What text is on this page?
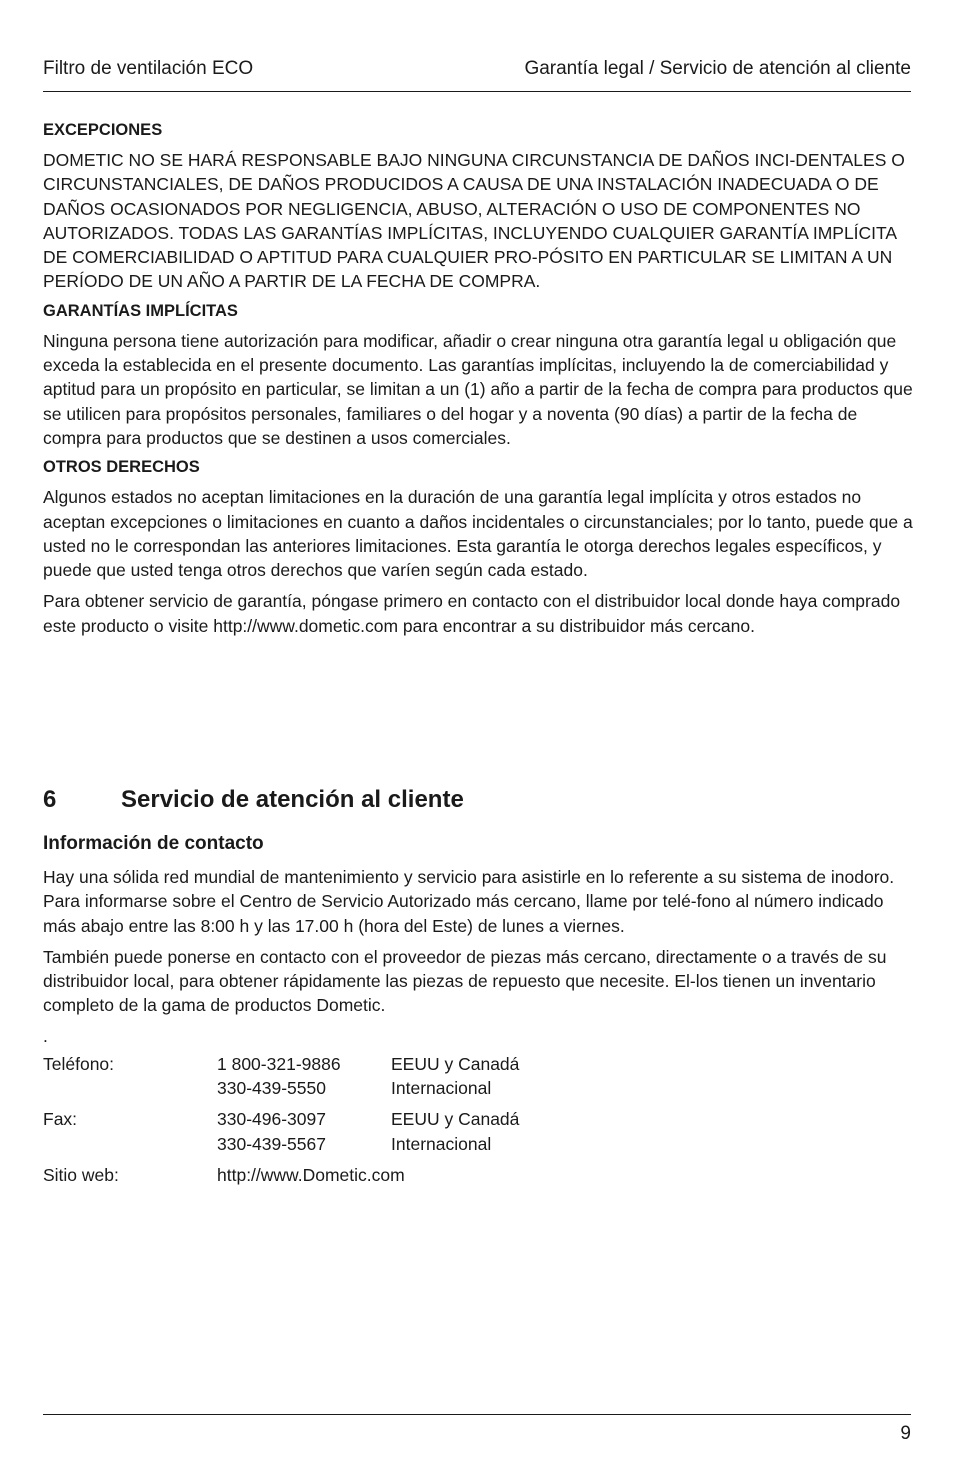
Filtro de ventilación ECO	Garantía legal / Servicio de atención al cliente
EXCEPCIONES

DOMETIC NO SE HARÁ RESPONSABLE BAJO NINGUNA CIRCUNSTANCIA DE DAÑOS INCI-DENTALES O CIRCUNSTANCIALES, DE DAÑOS PRODUCIDOS A CAUSA DE UNA INSTALACIÓN INADECUADA O DE DAÑOS OCASIONADOS POR NEGLIGENCIA, ABUSO, ALTERACIÓN O USO DE COMPONENTES NO AUTORIZADOS. TODAS LAS GARANTÍAS IMPLÍCITAS, INCLUYENDO CUALQUIER GARANTÍA IMPLÍCITA DE COMERCIABILIDAD O APTITUD PARA CUALQUIER PRO-PÓSITO EN PARTICULAR SE LIMITAN A UN PERÍODO DE UN AÑO A PARTIR DE LA FECHA DE COMPRA.

GARANTÍAS IMPLÍCITAS

Ninguna persona tiene autorización para modificar, añadir o crear ninguna otra garantía legal u obligación que exceda la establecida en el presente documento. Las garantías implícitas, incluyendo la de comerciabilidad y aptitud para un propósito en particular, se limitan a un (1) año a partir de la fecha de compra para productos que se utilicen para propósitos personales, familiares o del hogar y a noventa (90 días) a partir de la fecha de compra para productos que se destinen a usos comerciales.

OTROS DERECHOS

Algunos estados no aceptan limitaciones en la duración de una garantía legal implícita y otros estados no aceptan excepciones o limitaciones en cuanto a daños incidentales o circunstanciales; por lo tanto, puede que a usted no le correspondan las anteriores limitaciones. Esta garantía le otorga derechos legales específicos, y puede que usted tenga otros derechos que varíen según cada estado.

Para obtener servicio de garantía, póngase primero en contacto con el distribuidor local donde haya comprado este producto o visite http://www.dometic.com para encontrar a su distribuidor más cercano.

6	Servicio de atención al cliente
Información de contacto

Hay una sólida red mundial de mantenimiento y servicio para asistirle en lo referente a su sistema de inodoro. Para informarse sobre el Centro de Servicio Autorizado más cercano, llame por telé-fono al número indicado más abajo entre las 8:00 h y las 17.00 h (hora del Este) de lunes a viernes.

También puede ponerse en contacto con el proveedor de piezas más cercano, directamente o a través de su distribuidor local, para obtener rápidamente las piezas de repuesto que necesite. El-los tienen un inventario completo de la gama de productos Dometic.

.
Teléfono:	1 800-321-9886	EEUU y Canadá
	330-439-5550	Internacional
Fax:	330-496-3097	EEUU y Canadá
	330-439-5567	Internacional
Sitio web:	http://www.Dometic.com	
9
